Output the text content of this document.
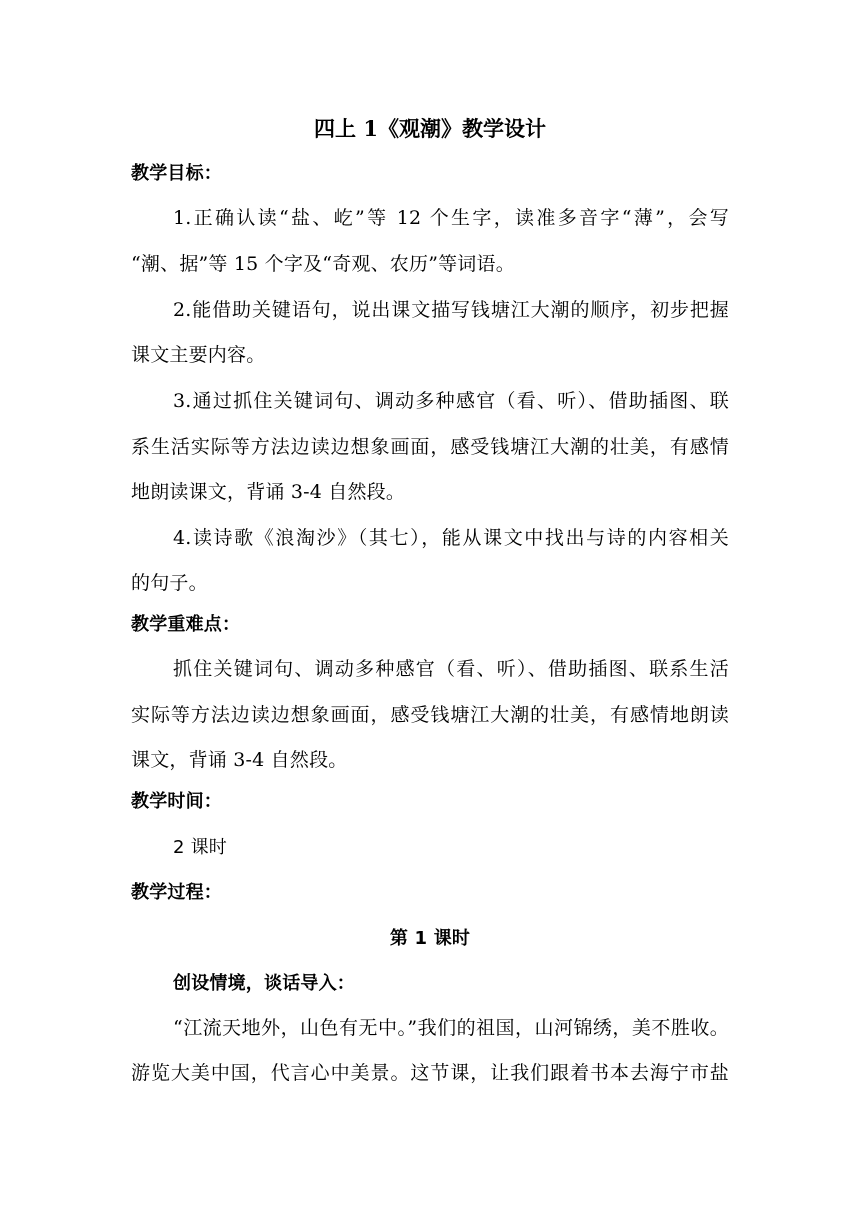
四上 1《观潮》教学设计
教学目标：
1.正确认读“盐、屹”等 12 个生字，读准多音字“薄”，会写
“潮、据”等 15 个字及“奇观、农历”等词语。
2.能借助关键语句，说出课文描写钱塘江大潮的顺序，初步把握
课文主要内容。
3.通过抓住关键词句、调动多种感官（看、听）、借助插图、联
系生活实际等方法边读边想象画面，感受钱塘江大潮的壮美，有感情
地朗读课文，背诵 3-4 自然段。
4.读诗歌《浪淘沙》（其七），能从课文中找出与诗的内容相关
的句子。
教学重难点：
抓住关键词句、调动多种感官（看、听）、借助插图、联系生活
实际等方法边读边想象画面，感受钱塘江大潮的壮美，有感情地朗读
课文，背诵 3-4 自然段。
教学时间：
2 课时
教学过程：
第 1 课时
创设情境，谈话导入：
“江流天地外，山色有无中。”我们的祖国，山河锦绣，美不胜收。
游览大美中国，代言心中美景。这节课，让我们跟着书本去海宁市盐
